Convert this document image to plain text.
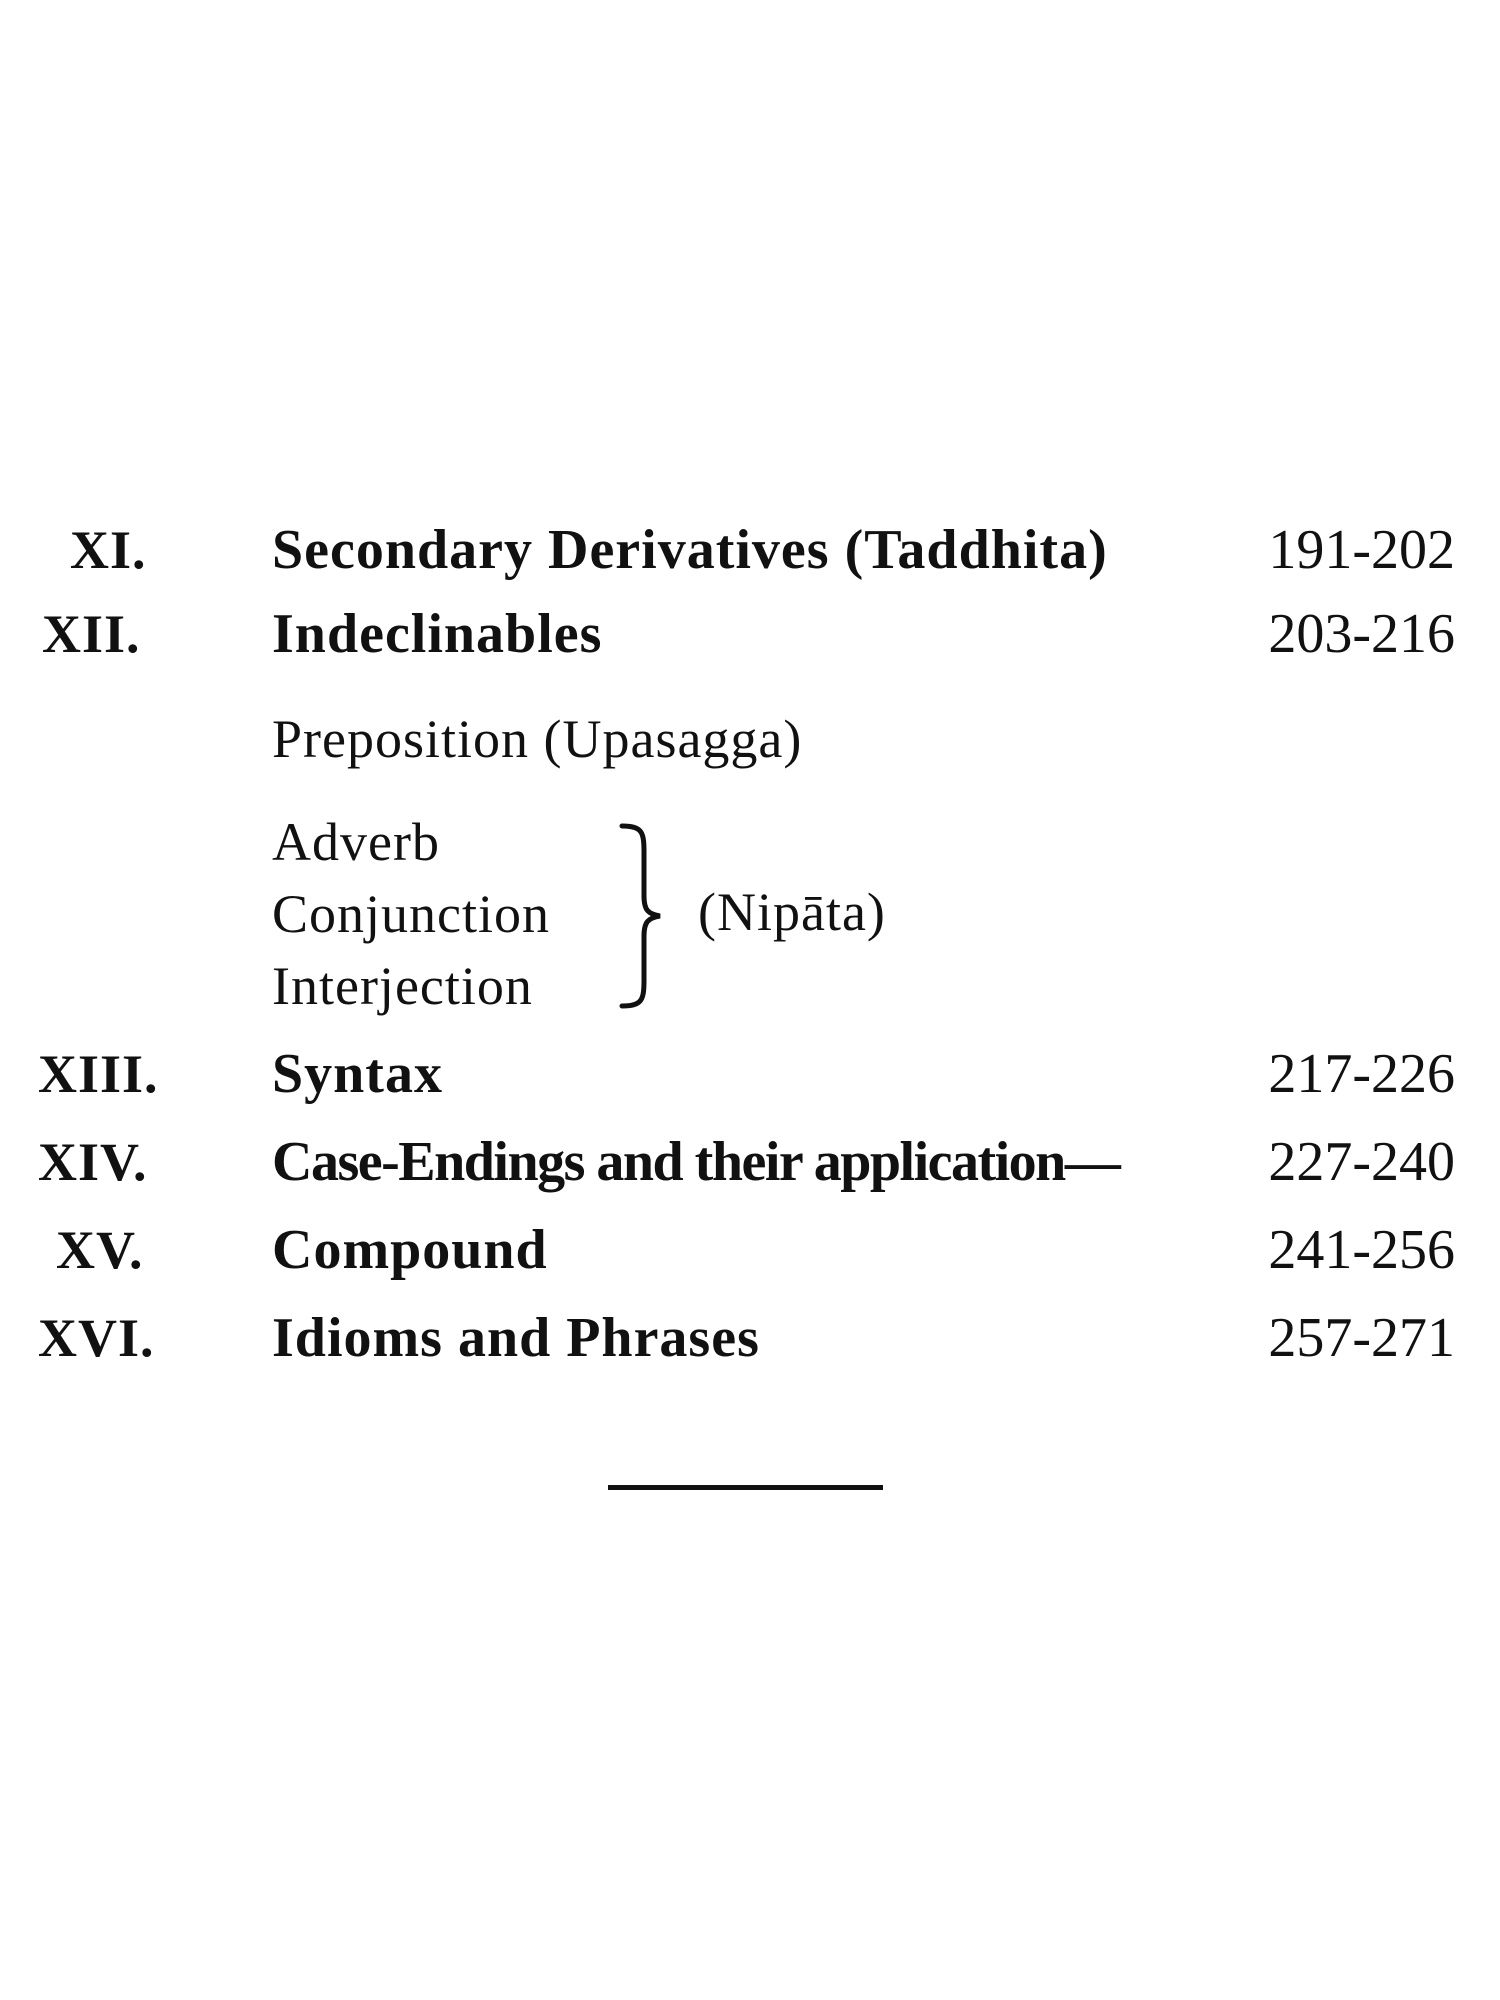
XI. Secondary Derivatives (Taddhita)	191-202
XII. Indeclinables	203-216
Preposition (Upasagga)
Adverb
Conjunction
Interjection
(Nipāta)
XIII. Syntax	217-226
XIV. Case-Endings and their application—	227-240
XV. Compound	241-256
XVI. Idioms and Phrases	257-271
